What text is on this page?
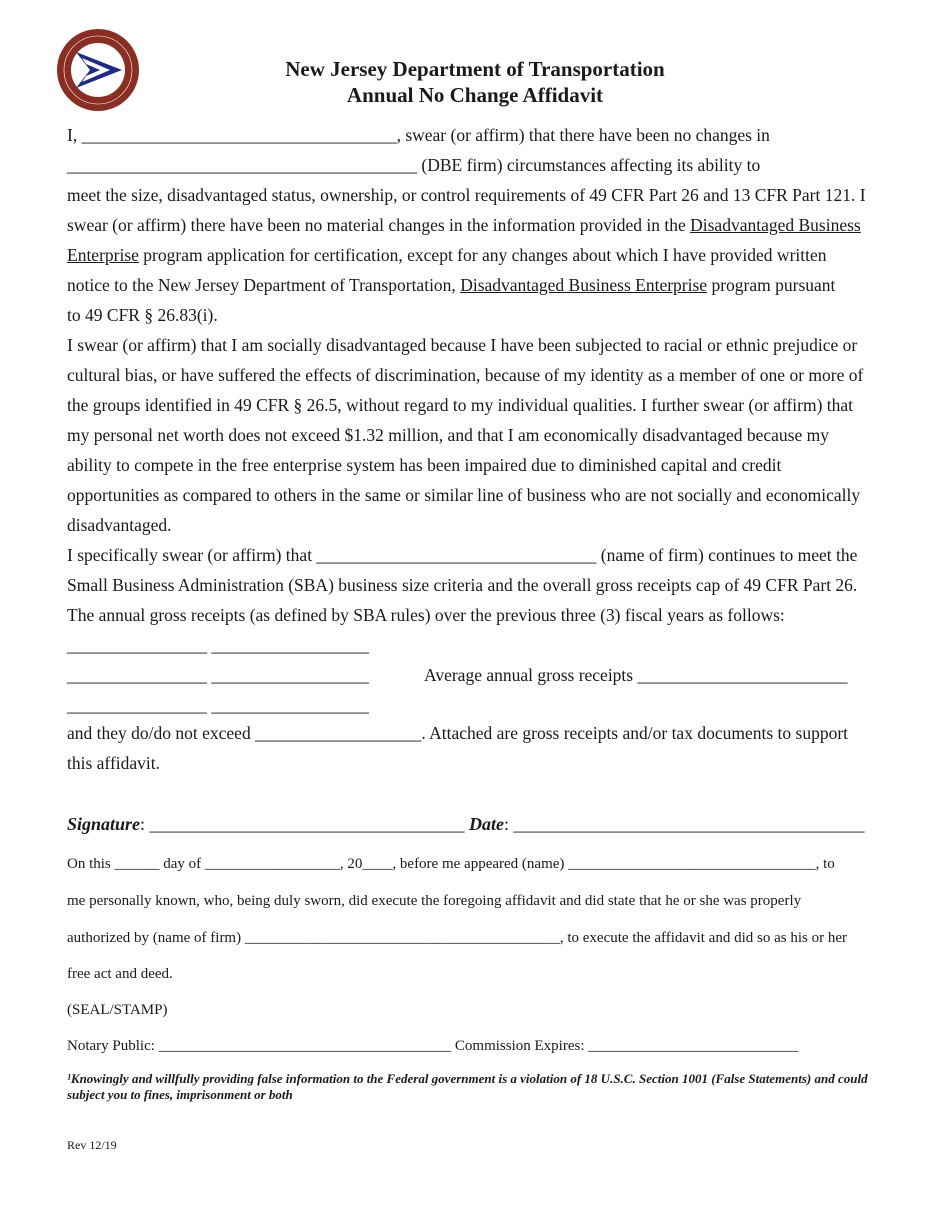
New Jersey Department of Transportation
Annual No Change Affidavit
I, ____________________________________, swear (or affirm) that there have been no changes in
________________________________________ (DBE firm) circumstances affecting its ability to
meet the size, disadvantaged status, ownership, or control requirements of 49 CFR Part 26 and 13 CFR Part 121. I
swear (or affirm) there have been no material changes in the information provided in the Disadvantaged Business
Enterprise program application for certification, except for any changes about which I have provided written
notice to the New Jersey Department of Transportation, Disadvantaged Business Enterprise program pursuant
to 49 CFR § 26.83(i).
I swear (or affirm) that I am socially disadvantaged because I have been subjected to racial or ethnic prejudice or
cultural bias, or have suffered the effects of discrimination, because of my identity as a member of one or more of
the groups identified in 49 CFR § 26.5, without regard to my individual qualities. I further swear (or affirm) that
my personal net worth does not exceed $1.32 million, and that I am economically disadvantaged because my
ability to compete in the free enterprise system has been impaired due to diminished capital and credit
opportunities as compared to others in the same or similar line of business who are not socially and economically
disadvantaged.
I specifically swear (or affirm) that ________________________________ (name of firm) continues to meet the
Small Business Administration (SBA) business size criteria and the overall gross receipts cap of 49 CFR Part 26.
The annual gross receipts (as defined by SBA rules) over the previous three (3) fiscal years as follows:
________________ __________________
________________ __________________	Average annual gross receipts ________________________
________________ __________________
and they do/do not exceed ___________________. Attached are gross receipts and/or tax documents to support
this affidavit.
Signature: ___________________________________ Date: _______________________________________
On this ______ day of __________________, 20____, before me appeared (name) _________________________________, to
me personally known, who, being duly sworn, did execute the foregoing affidavit and did state that he or she was properly
authorized by (name of firm) __________________________________________, to execute the affidavit and did so as his or her
free act and deed.
(SEAL/STAMP)
Notary Public: _______________________________________ Commission Expires: ____________________________
¹Knowingly and willfully providing false information to the Federal government is a violation of 18 U.S.C. Section 1001 (False Statements) and could subject you to fines, imprisonment or both
Rev 12/19
